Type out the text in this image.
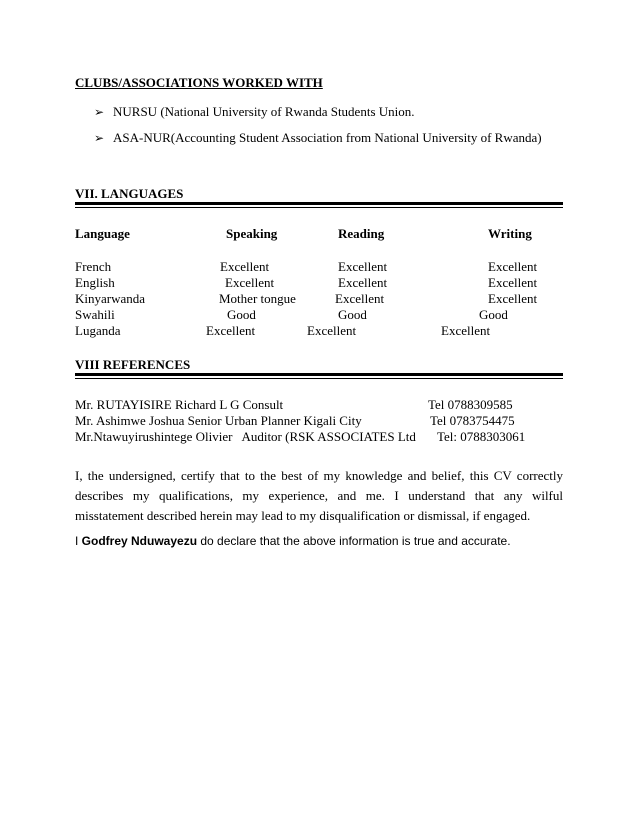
CLUBS/ASSOCIATIONS WORKED WITH
➢ NURSU (National University of Rwanda Students Union.
➢ ASA-NUR(Accounting Student Association from National University of Rwanda)
VII. LANGUAGES
Language	Speaking	Reading	Writing
French	Excellent	Excellent	Excellent
English	Excellent	Excellent	Excellent
Kinyarwanda	Mother tongue	Excellent	Excellent
Swahili	Good	Good	Good
Luganda	Excellent	Excellent	Excellent
VIII REFERENCES
Mr. RUTAYISIRE Richard L G Consult	Tel 0788309585
Mr. Ashimwe Joshua Senior Urban Planner Kigali City	Tel 0783754475
Mr.Ntawuyirushintege Olivier   Auditor (RSK ASSOCIATES Ltd Tel: 0788303061
I, the undersigned, certify that to the best of my knowledge and belief, this CV correctly describes my qualifications, my experience, and me. I understand that any wilful misstatement described herein may lead to my disqualification or dismissal, if engaged.
I Godfrey Nduwayezu do declare that the above information is true and accurate.
